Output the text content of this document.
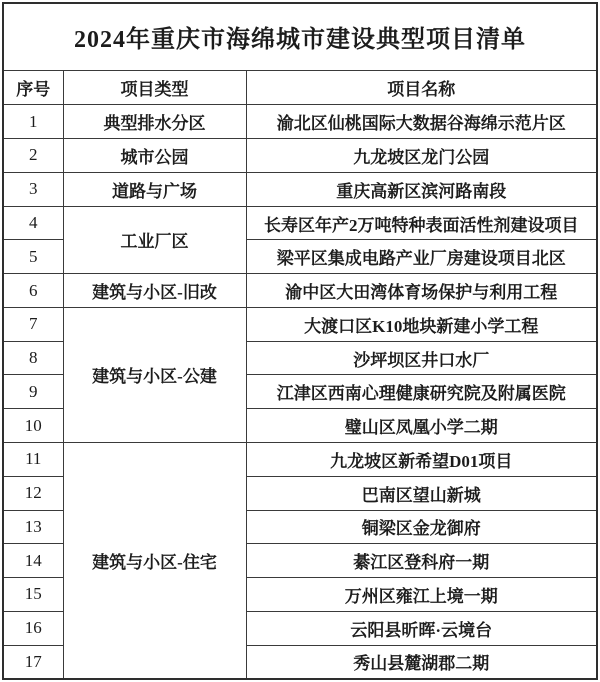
2024年重庆市海绵城市建设典型项目清单		
序号	项目类型	项目名称
1	典型排水分区	渝北区仙桃国际大数据谷海绵示范片区
2	城市公园	九龙坡区龙门公园
3	道路与广场	重庆高新区滨河路南段
4	工业厂区	长寿区年产2万吨特种表面活性剂建设项目
5		梁平区集成电路产业厂房建设项目北区
6	建筑与小区-旧改	渝中区大田湾体育场保护与利用工程
7	建筑与小区-公建	大渡口区K10地块新建小学工程
8		沙坪坝区井口水厂
9		江津区西南心理健康研究院及附属医院
10		璧山区凤凰小学二期
11	建筑与小区-住宅	九龙坡区新希望D01项目
12		巴南区望山新城
13		铜梁区金龙御府
14		綦江区登科府一期
15		万州区雍江上境一期
16		云阳县昕晖·云境台
17		秀山县麓湖郡二期
